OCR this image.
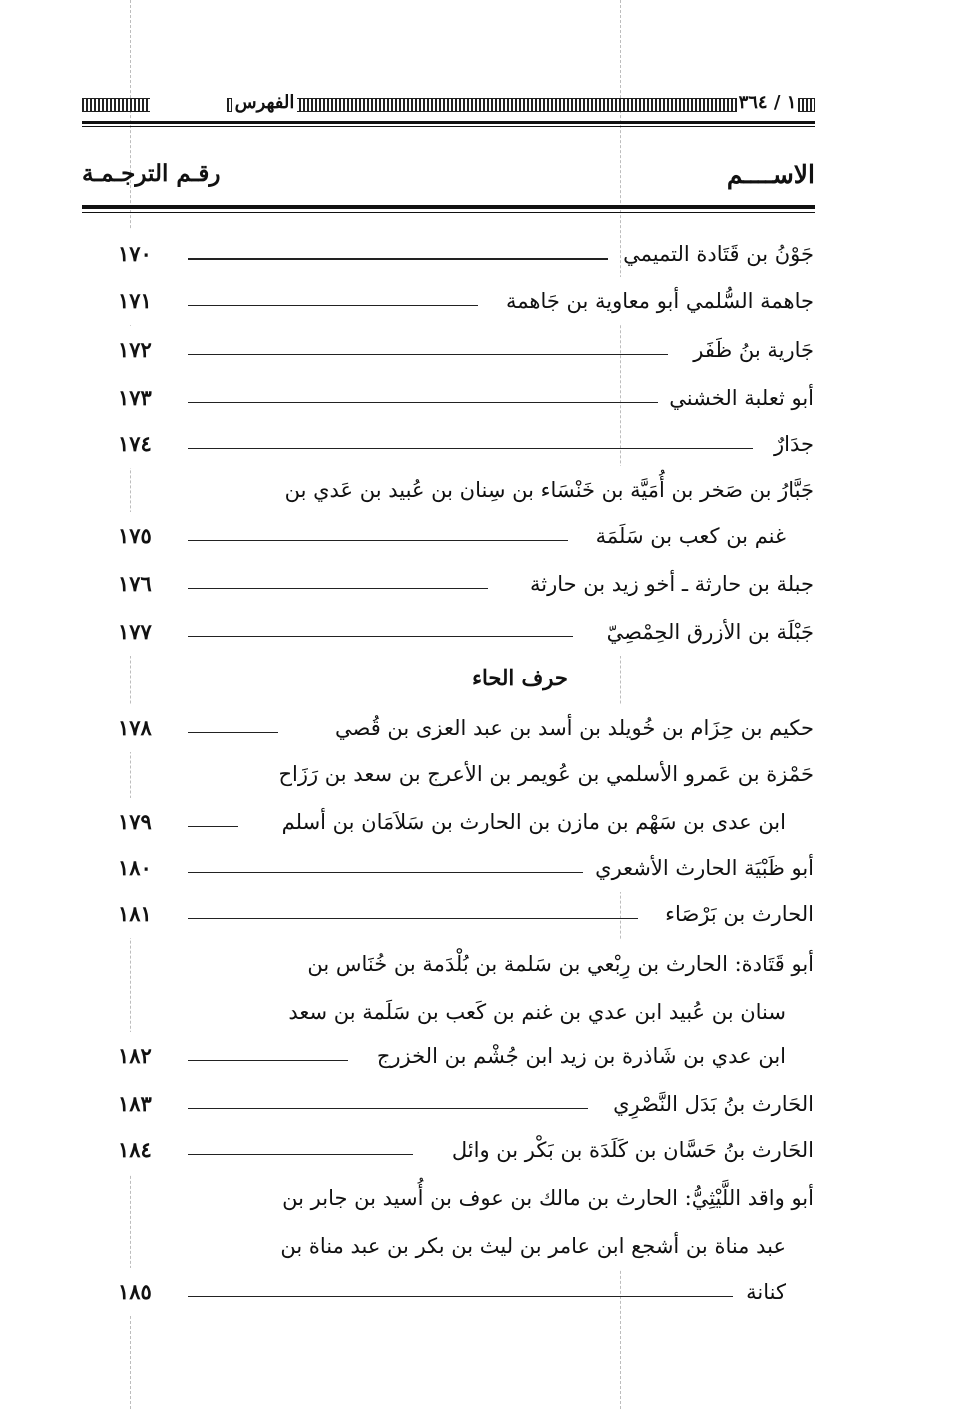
الفهرس	١ / ٣٦٤
الاســــم
رقـم الترجـمـة
جَوْنُ بن قَتَادة التميمي
١٧٠
جاهمة السُّلمي أبو معاوية بن جَاهمة
١٧١
جَارية بنُ ظَفَر
١٧٢
أبو ثعلبة الخشني
١٧٣
جدَارٌ
١٧٤
جَبَّارُ بن صَخر بن أُمَيَّة بن خَنْسَاء بن سِنان بن عُبيد بن عَدي بن
غنم بن كعب بن سَلَمَة
١٧٥
جبلة بن حارثة ـ أخو زيد بن حارثة
١٧٦
جَبْلَة بن الأزرق الحِمْصِيّ
١٧٧
حرف الحاء
حكيم بن حِزَام بن خُويلد بن أسد بن عبد العزى بن قُصي
١٧٨
حَمْزة بن عَمرو الأسلمي بن عُويمر بن الأعرج بن سعد بن رَزَاح
ابن عدى بن سَهْم بن مازن بن الحارث بن سَلاَمَان بن أسلم
١٧٩
أبو ظَبْيَة الحارث الأشعري
١٨٠
الحارث بن بَرْصَاء
١٨١
أبو قَتَادة: الحارث بن رِبْعي بن سَلمة بن بُلْدَمة بن خُنَاس بن
سنان بن عُبيد ابن عدي بن غنم بن كَعب بن سَلَمة بن سعد
ابن عدي بن شَاذرة بن زيد ابن جُشْم بن الخزرج
١٨٢
الحَارث بنُ بَدَل النَّصْرِي
١٨٣
الحَارث بنُ حَسَّان بن كَلَدَة بن بَكْر بن وائل
١٨٤
أبو واقد اللَّيْثِيُّ: الحارث بن مالك بن عوف بن أُسيد بن جابر بن
عبد مناة بن أشجع ابن عامر بن ليث بن بكر بن عبد مناة بن
كنانة
١٨٥
